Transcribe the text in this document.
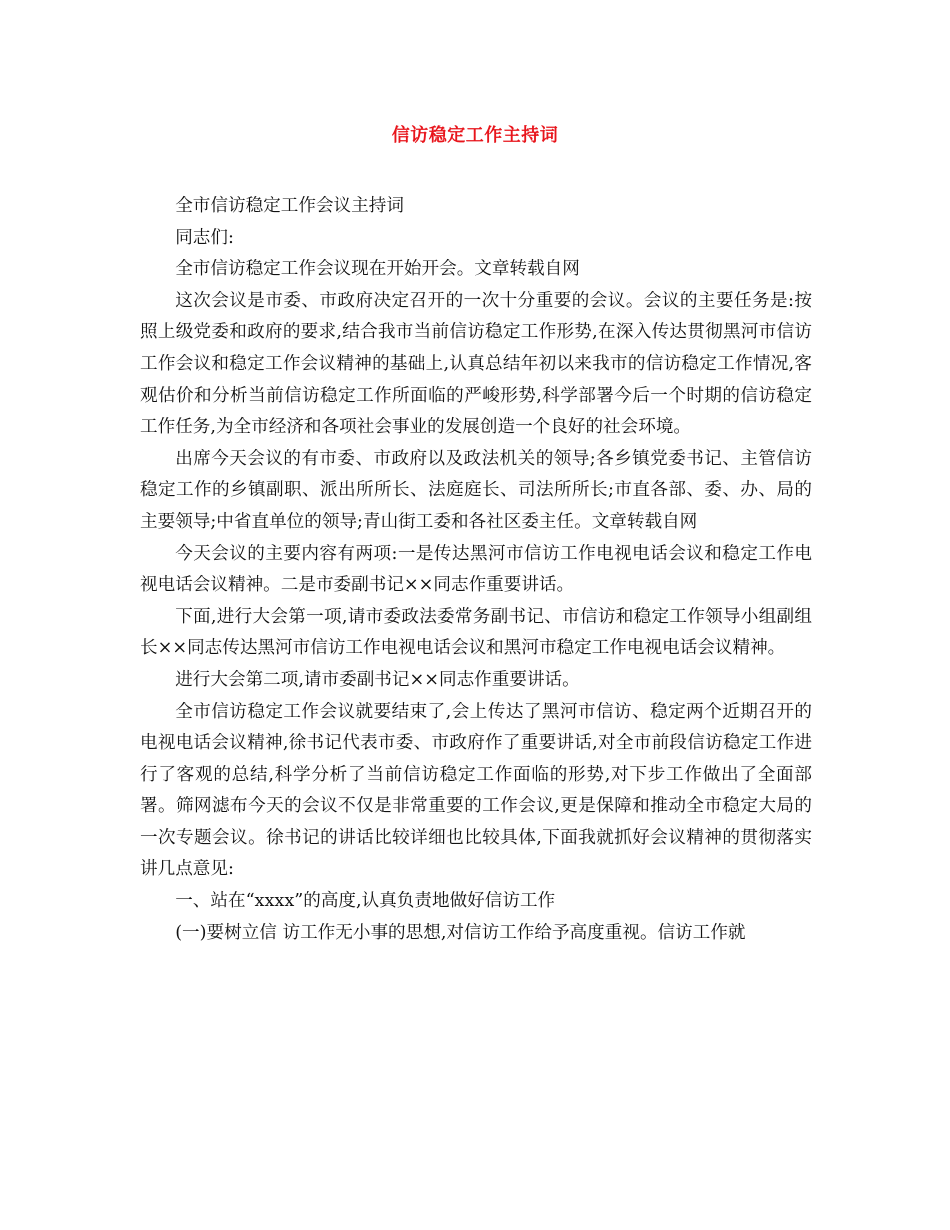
信访稳定工作主持词

全市信访稳定工作会议主持词

同志们:

全市信访稳定工作会议现在开始开会。文章转载自网

这次会议是市委、市政府决定召开的一次十分重要的会议。会议的主要任务是:按照上级党委和政府的要求,结合我市当前信访稳定工作形势,在深入传达贯彻黑河市信访工作会议和稳定工作会议精神的基础上,认真总结年初以来我市的信访稳定工作情况,客观估价和分析当前信访稳定工作所面临的严峻形势,科学部署今后一个时期的信访稳定工作任务,为全市经济和各项社会事业的发展创造一个良好的社会环境。

出席今天会议的有市委、市政府以及政法机关的领导;各乡镇党委书记、主管信访稳定工作的乡镇副职、派出所所长、法庭庭长、司法所所长;市直各部、委、办、局的主要领导;中省直单位的领导;青山街工委和各社区委主任。文章转载自网

今天会议的主要内容有两项:一是传达黑河市信访工作电视电话会议和稳定工作电视电话会议精神。二是市委副书记××同志作重要讲话。

下面,进行大会第一项,请市委政法委常务副书记、市信访和稳定工作领导小组副组长××同志传达黑河市信访工作电视电话会议和黑河市稳定工作电视电话会议精神。

进行大会第二项,请市委副书记××同志作重要讲话。

全市信访稳定工作会议就要结束了,会上传达了黑河市信访、稳定两个近期召开的电视电话会议精神,徐书记代表市委、市政府作了重要讲话,对全市前段信访稳定工作进行了客观的总结,科学分析了当前信访稳定工作面临的形势,对下步工作做出了全面部署。筛网滤布今天的会议不仅是非常重要的工作会议,更是保障和推动全市稳定大局的一次专题会议。徐书记的讲话比较详细也比较具体,下面我就抓好会议精神的贯彻落实讲几点意见:

一、站在“xxxx”的高度,认真负责地做好信访工作

(一)要树立信 访工作无小事的思想,对信访工作给予高度重视。信访工作就
